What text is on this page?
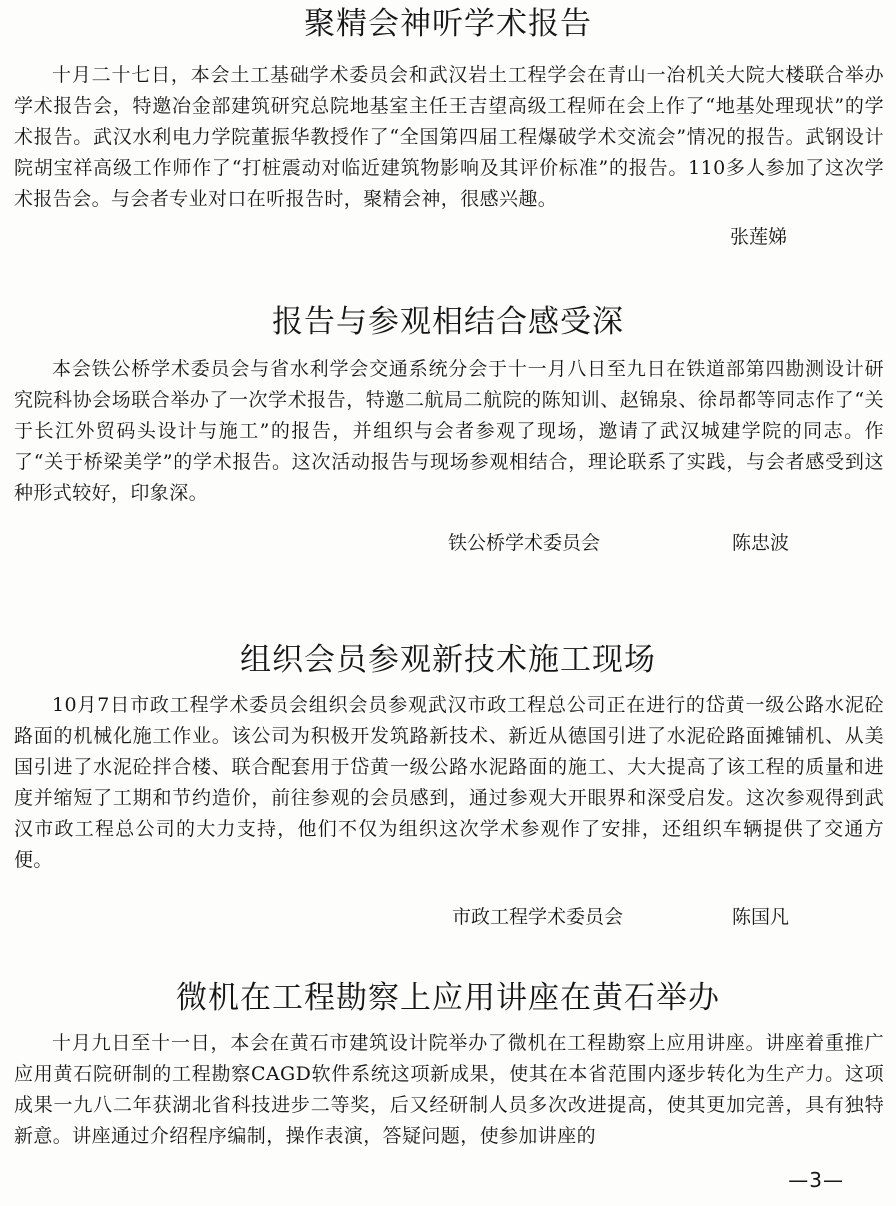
聚精会神听学术报告

十月二十七日，本会土工基础学术委员会和武汉岩土工程学会在青山一冶机关大院大楼联合举办学术报告会，特邀冶金部建筑研究总院地基室主任王吉望高级工程师在会上作了“地基处理现状”的学术报告。武汉水利电力学院董振华教授作了“全国第四届工程爆破学术交流会”情况的报告。武钢设计院胡宝祥高级工作师作了“打桩震动对临近建筑物影响及其评价标准”的报告。110多人参加了这次学术报告会。与会者专业对口在听报告时，聚精会神，很感兴趣。

张莲娣
报告与参观相结合感受深

本会铁公桥学术委员会与省水利学会交通系统分会于十一月八日至九日在铁道部第四勘测设计研究院科协会场联合举办了一次学术报告，特邀二航局二航院的陈知训、赵锦泉、徐昂都等同志作了“关于长江外贸码头设计与施工”的报告，并组织与会者参观了现场，邀请了武汉城建学院的同志。作了“关于桥梁美学”的学术报告。这次活动报告与现场参观相结合，理论联系了实践，与会者感受到这种形式较好，印象深。

铁公桥学术委员会	陈忠波
组织会员参观新技术施工现场

10月7日市政工程学术委员会组织会员参观武汉市政工程总公司正在进行的岱黄一级公路水泥砼路面的机械化施工作业。该公司为积极开发筑路新技术、新近从德国引进了水泥砼路面摊铺机、从美国引进了水泥砼拌合楼、联合配套用于岱黄一级公路水泥路面的施工、大大提高了该工程的质量和进度并缩短了工期和节约造价，前往参观的会员感到，通过参观大开眼界和深受启发。这次参观得到武汉市政工程总公司的大力支持，他们不仅为组织这次学术参观作了安排，还组织车辆提供了交通方便。

市政工程学术委员会	陈国凡
微机在工程勘察上应用讲座在黄石举办

十月九日至十一日，本会在黄石市建筑设计院举办了微机在工程勘察上应用讲座。讲座着重推广应用黄石院研制的工程勘察CAGD软件系统这项新成果，使其在本省范围内逐步转化为生产力。这项成果一九八二年获湖北省科技进步二等奖，后又经研制人员多次改进提高，使其更加完善，具有独特新意。讲座通过介绍程序编制，操作表演，答疑问题，使参加讲座的

—3—
